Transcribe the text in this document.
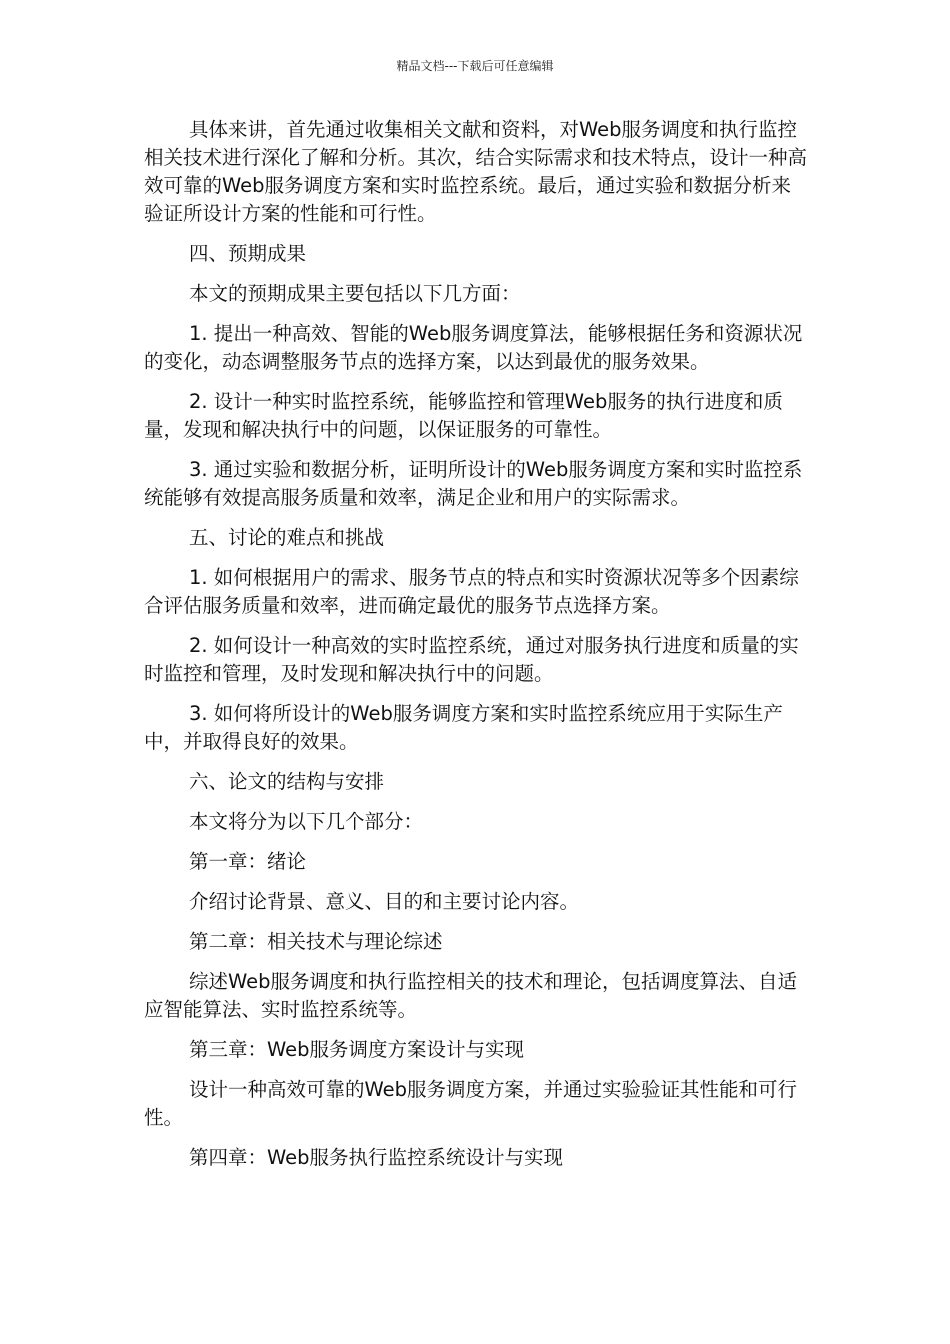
精品文档---下载后可任意编辑

具体来讲，首先通过收集相关文献和资料，对Web服务调度和执行监控相关技术进行深化了解和分析。其次，结合实际需求和技术特点，设计一种高效可靠的Web服务调度方案和实时监控系统。最后，通过实验和数据分析来验证所设计方案的性能和可行性。

四、预期成果

本文的预期成果主要包括以下几方面：

1. 提出一种高效、智能的Web服务调度算法，能够根据任务和资源状况的变化，动态调整服务节点的选择方案，以达到最优的服务效果。

2. 设计一种实时监控系统，能够监控和管理Web服务的执行进度和质量，发现和解决执行中的问题，以保证服务的可靠性。

3. 通过实验和数据分析，证明所设计的Web服务调度方案和实时监控系统能够有效提高服务质量和效率，满足企业和用户的实际需求。

五、讨论的难点和挑战

1. 如何根据用户的需求、服务节点的特点和实时资源状况等多个因素综合评估服务质量和效率，进而确定最优的服务节点选择方案。

2. 如何设计一种高效的实时监控系统，通过对服务执行进度和质量的实时监控和管理，及时发现和解决执行中的问题。

3. 如何将所设计的Web服务调度方案和实时监控系统应用于实际生产中，并取得良好的效果。

六、论文的结构与安排

本文将分为以下几个部分：

第一章：绪论

介绍讨论背景、意义、目的和主要讨论内容。

第二章：相关技术与理论综述

综述Web服务调度和执行监控相关的技术和理论，包括调度算法、自适应智能算法、实时监控系统等。

第三章：Web服务调度方案设计与实现

设计一种高效可靠的Web服务调度方案，并通过实验验证其性能和可行性。

第四章：Web服务执行监控系统设计与实现
